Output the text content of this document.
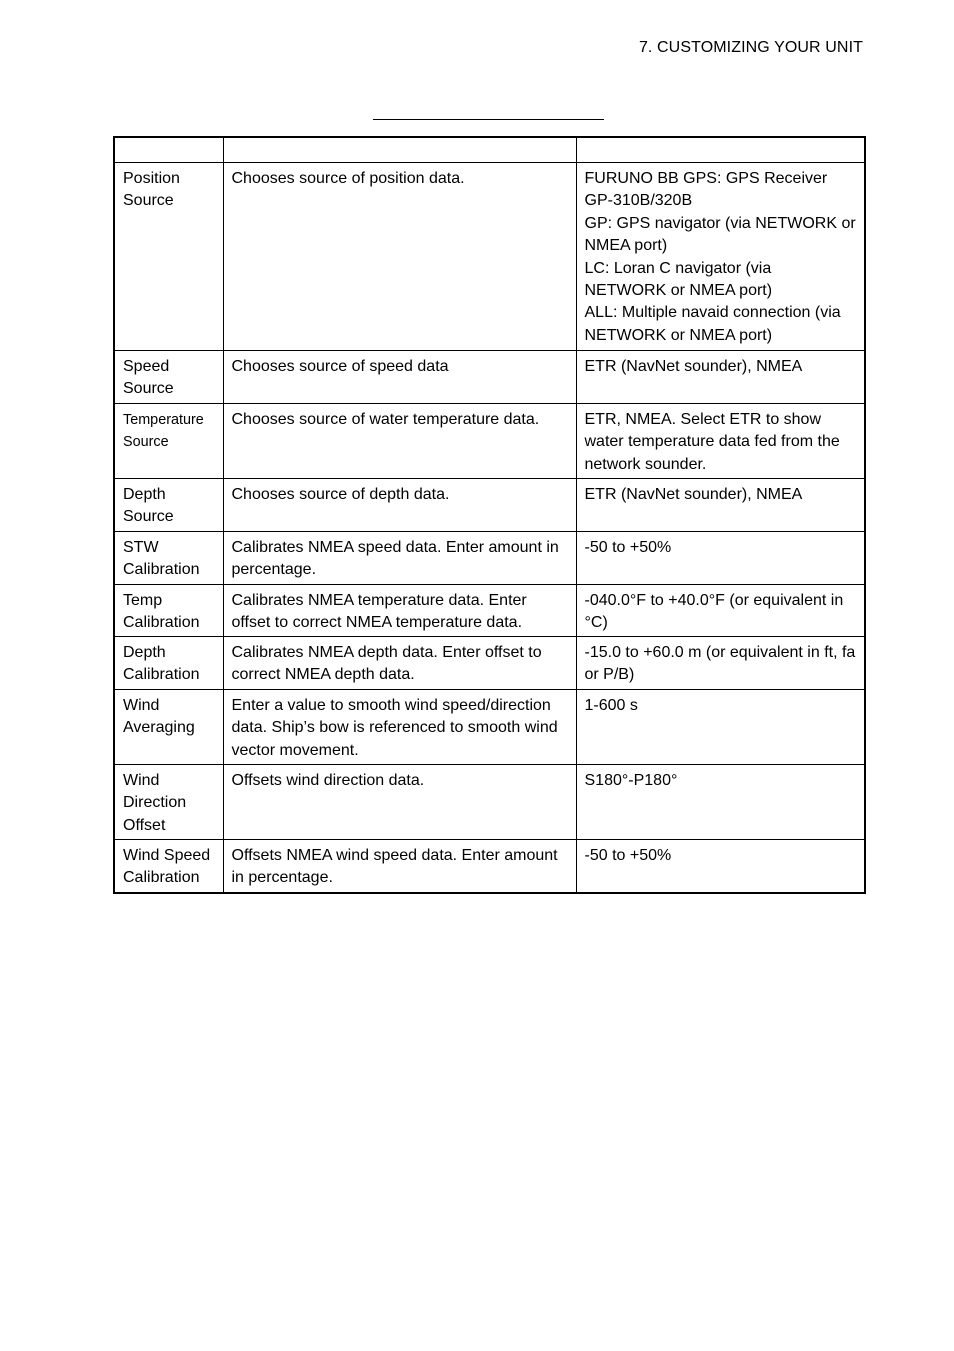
7. CUSTOMIZING YOUR UNIT

Position
Source	Chooses source of position data.	FURUNO BB GPS: GPS Receiver GP-310B/320B
GP: GPS navigator (via NETWORK or NMEA port)
LC: Loran C navigator (via NETWORK or NMEA port)
ALL: Multiple navaid connection (via NETWORK or NMEA port)

Speed
Source	Chooses source of speed data	ETR (NavNet sounder), NMEA

Temperature
Source	Chooses source of water temperature data.	ETR, NMEA. Select ETR to show water temperature data fed from the network sounder.

Depth
Source	Chooses source of depth data.	ETR (NavNet sounder), NMEA

STW
Calibration	Calibrates NMEA speed data. Enter amount in percentage.	-50 to +50%

Temp
Calibration	Calibrates NMEA temperature data. Enter offset to correct NMEA temperature data.	-040.0°F to +40.0°F (or equivalent in °C)

Depth
Calibration	Calibrates NMEA depth data. Enter offset to correct NMEA depth data.	-15.0 to +60.0 m (or equivalent in ft, fa or P/B)

Wind
Averaging	Enter a value to smooth wind speed/direction data. Ship’s bow is referenced to smooth wind vector movement.	1-600 s

Wind
Direction
Offset	Offsets wind direction data.	S180°-P180°

Wind Speed
Calibration	Offsets NMEA wind speed data. Enter amount in percentage.	-50 to +50%
